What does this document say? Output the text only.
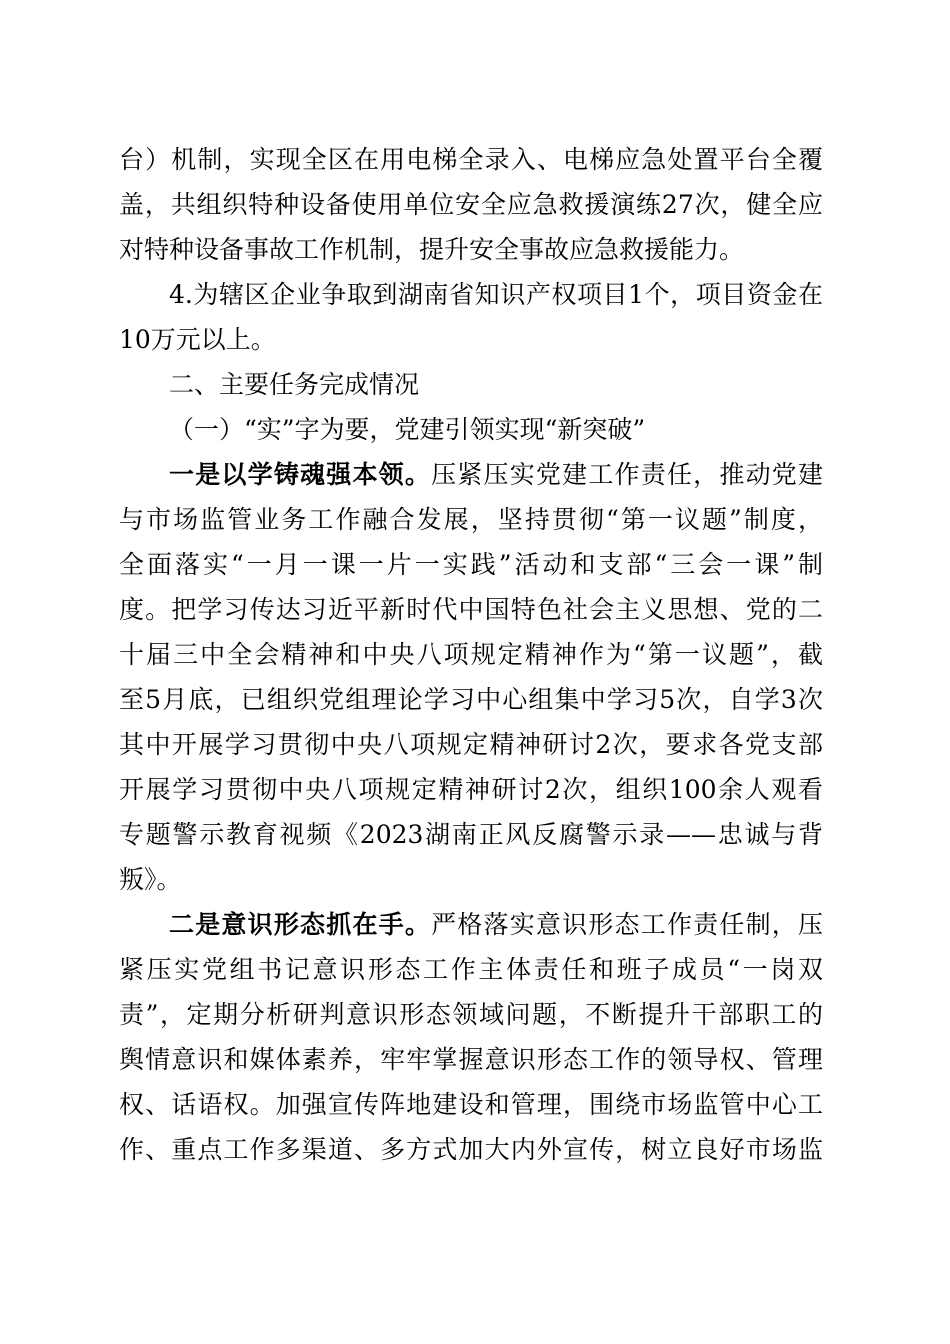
台）机制，实现全区在用电梯全录入、电梯应急处置平台全覆
盖，共组织特种设备使用单位安全应急救援演练27次，健全应
对特种设备事故工作机制，提升安全事故应急救援能力。
4.为辖区企业争取到湖南省知识产权项目1个，项目资金在
10万元以上。
二、主要任务完成情况
（一）“实”字为要，党建引领实现“新突破”
一是以学铸魂强本领。压紧压实党建工作责任，推动党建
与市场监管业务工作融合发展，坚持贯彻“第一议题”制度，
全面落实“一月一课一片一实践”活动和支部“三会一课”制
度。把学习传达习近平新时代中国特色社会主义思想、党的二
十届三中全会精神和中央八项规定精神作为“第一议题”，截
至5月底，已组织党组理论学习中心组集中学习5次，自学3次
其中开展学习贯彻中央八项规定精神研讨2次，要求各党支部
开展学习贯彻中央八项规定精神研讨2次，组织100余人观看
专题警示教育视频《2023湖南正风反腐警示录——忠诚与背
叛》。
二是意识形态抓在手。严格落实意识形态工作责任制，压
紧压实党组书记意识形态工作主体责任和班子成员“一岗双
责”，定期分析研判意识形态领域问题，不断提升干部职工的
舆情意识和媒体素养，牢牢掌握意识形态工作的领导权、管理
权、话语权。加强宣传阵地建设和管理，围绕市场监管中心工
作、重点工作多渠道、多方式加大内外宣传，树立良好市场监
